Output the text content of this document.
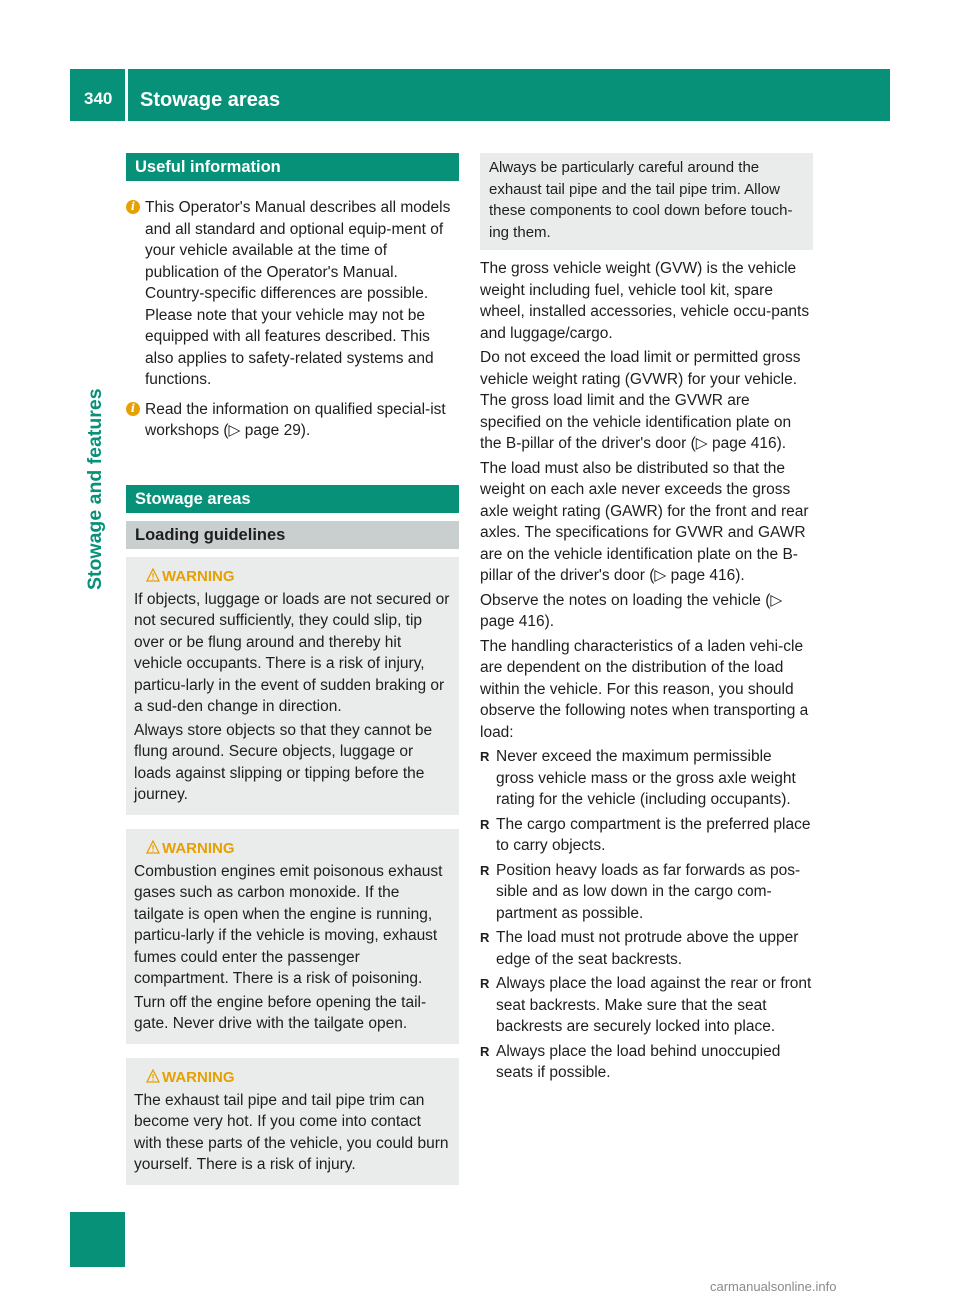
340 Stowage areas
Stowage and features
Useful information
i This Operator's Manual describes all models and all standard and optional equip-ment of your vehicle available at the time of publication of the Operator's Manual. Country-specific differences are possible. Please note that your vehicle may not be equipped with all features described. This also applies to safety-related systems and functions.
i Read the information on qualified special-ist workshops (▷ page 29).
Stowage areas
Loading guidelines
WARNING
If objects, luggage or loads are not secured or not secured sufficiently, they could slip, tip over or be flung around and thereby hit vehicle occupants. There is a risk of injury, particu-larly in the event of sudden braking or a sud-den change in direction.
Always store objects so that they cannot be flung around. Secure objects, luggage or loads against slipping or tipping before the journey.
WARNING
Combustion engines emit poisonous exhaust gases such as carbon monoxide. If the tailgate is open when the engine is running, particu-larly if the vehicle is moving, exhaust fumes could enter the passenger compartment. There is a risk of poisoning.
Turn off the engine before opening the tail-gate. Never drive with the tailgate open.
WARNING
The exhaust tail pipe and tail pipe trim can become very hot. If you come into contact with these parts of the vehicle, you could burn yourself. There is a risk of injury.
Always be particularly careful around the exhaust tail pipe and the tail pipe trim. Allow these components to cool down before touch-ing them.
The gross vehicle weight (GVW) is the vehicle weight including fuel, vehicle tool kit, spare wheel, installed accessories, vehicle occu-pants and luggage/cargo.
Do not exceed the load limit or permitted gross vehicle weight rating (GVWR) for your vehicle. The gross load limit and the GVWR are specified on the vehicle identification plate on the B-pillar of the driver's door (▷ page 416).
The load must also be distributed so that the weight on each axle never exceeds the gross axle weight rating (GAWR) for the front and rear axles. The specifications for GVWR and GAWR are on the vehicle identification plate on the B-pillar of the driver's door (▷ page 416).
Observe the notes on loading the vehicle (▷ page 416).
The handling characteristics of a laden vehi-cle are dependent on the distribution of the load within the vehicle. For this reason, you should observe the following notes when transporting a load:
R Never exceed the maximum permissible gross vehicle mass or the gross axle weight rating for the vehicle (including occupants).
R The cargo compartment is the preferred place to carry objects.
R Position heavy loads as far forwards as pos-sible and as low down in the cargo com-partment as possible.
R The load must not protrude above the upper edge of the seat backrests.
R Always place the load against the rear or front seat backrests. Make sure that the seat backrests are securely locked into place.
R Always place the load behind unoccupied seats if possible.
carmanualsonline.info
